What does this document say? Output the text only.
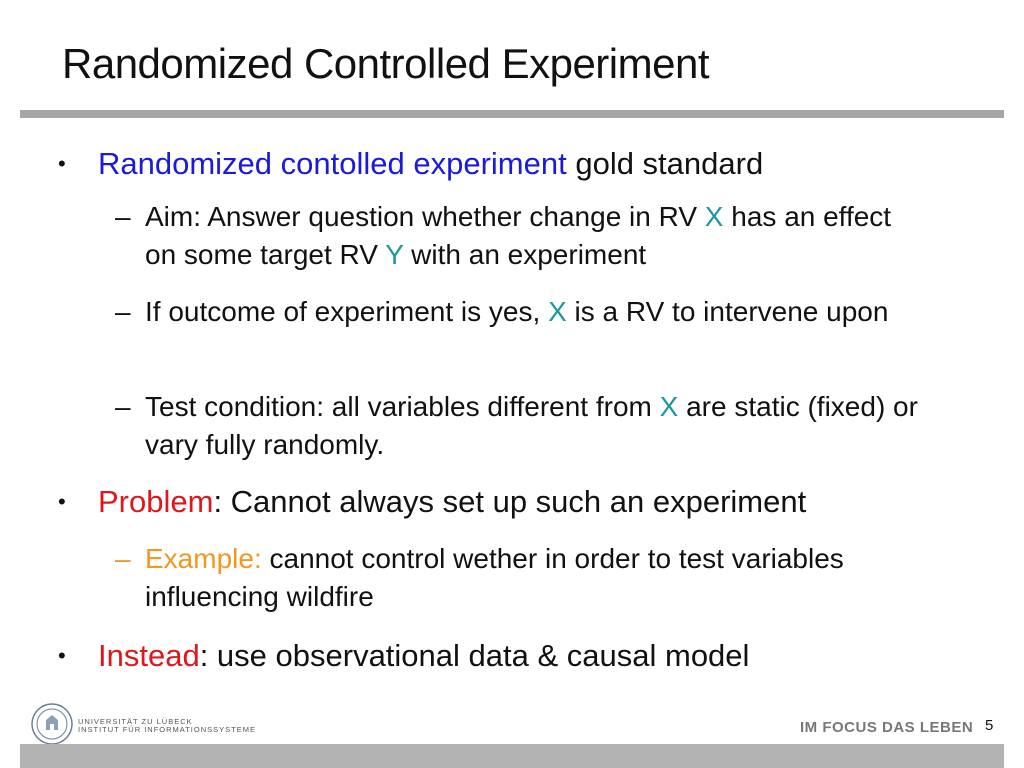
Randomized Controlled Experiment
• Randomized contolled experiment gold standard
– Aim: Answer question whether change in RV X has an effect on some target RV Y with an experiment
– If outcome of experiment is yes, X is a RV to intervene upon
– Test condition: all variables different from X are static (fixed) or vary fully randomly.
• Problem: Cannot always set up such an experiment
– Example: cannot control wether in order to test variables influencing wildfire
• Instead: use observational data & causal model
UNIVERSITÄT ZU LÜBECK
INSTITUT FÜR INFORMATIONSSYSTEME	IM FOCUS DAS LEBEN 5
